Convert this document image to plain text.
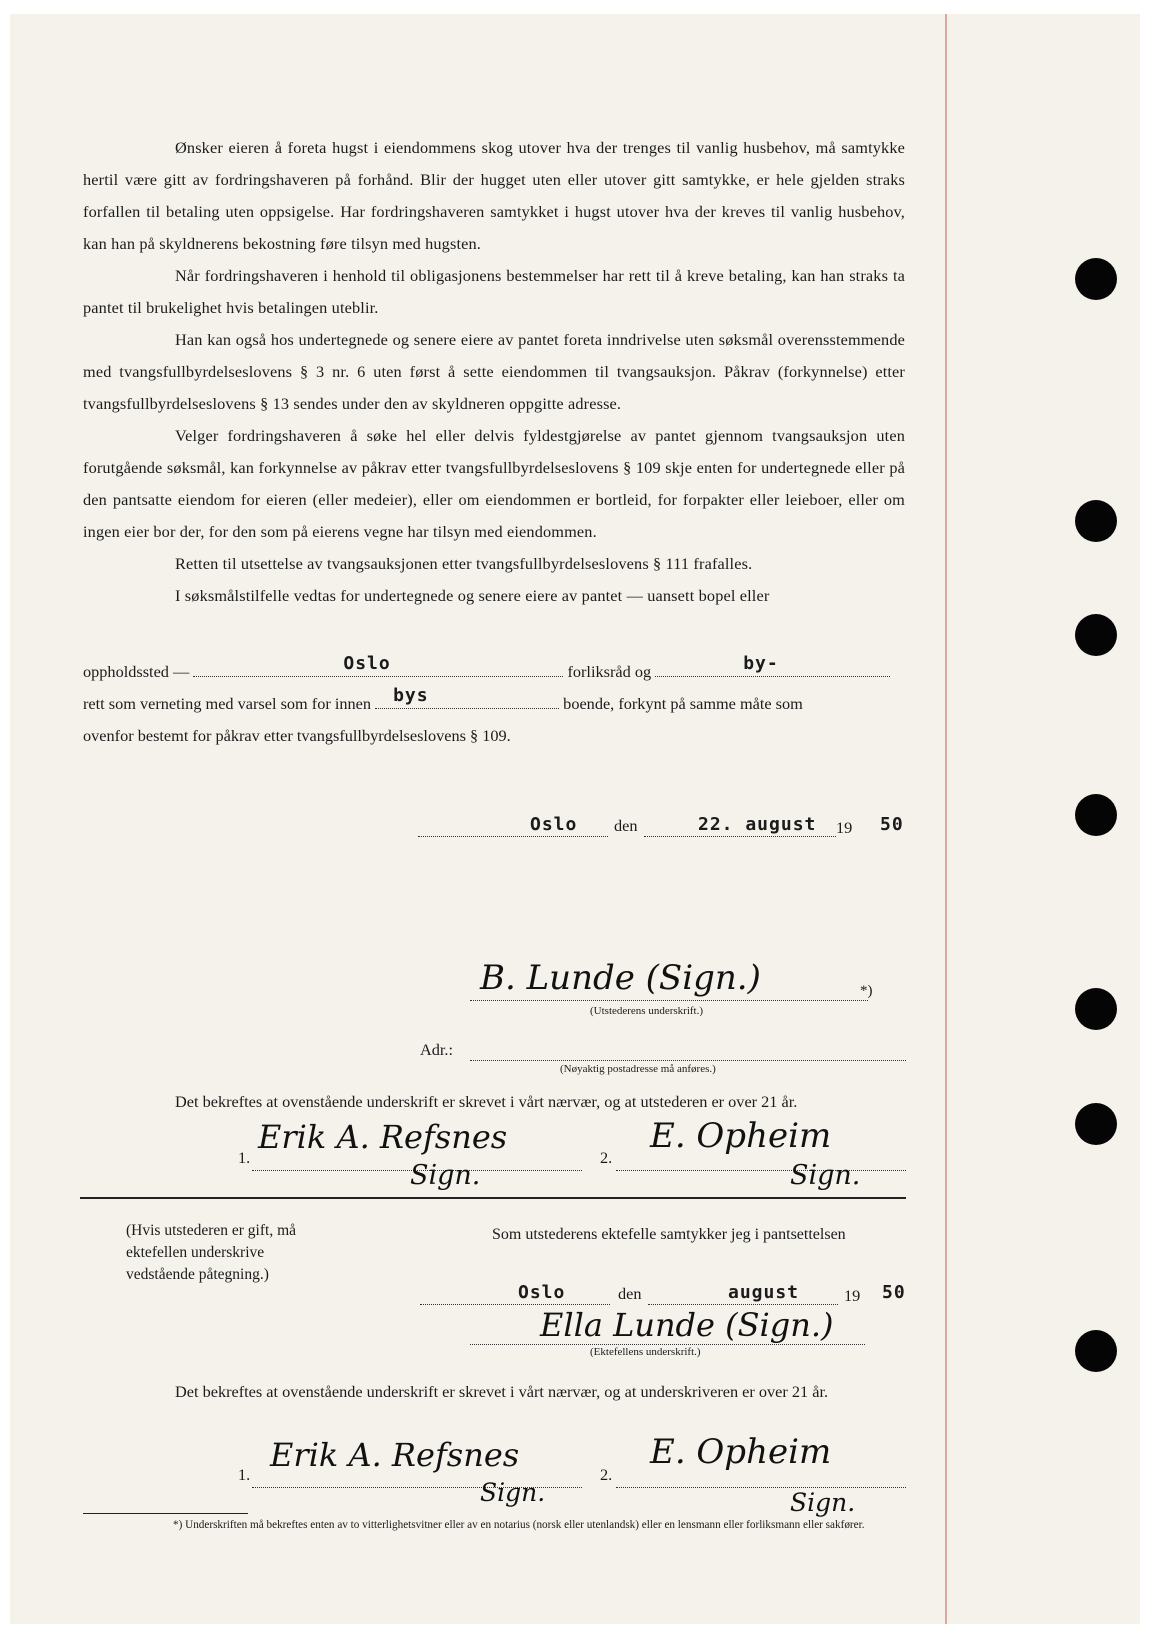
Ønsker eieren å foreta hugst i eiendommens skog utover hva der trenges til vanlig husbehov, må samtykke hertil være gitt av fordringshaveren på forhånd. Blir der hugget uten eller utover gitt samtykke, er hele gjelden straks forfallen til betaling uten oppsigelse. Har fordringshaveren samtykket i hugst utover hva der kreves til vanlig husbehov, kan han på skyldnerens bekostning føre tilsyn med hugsten.

Når fordringshaveren i henhold til obligasjonens bestemmelser har rett til å kreve betaling, kan han straks ta pantet til brukelighet hvis betalingen uteblir.

Han kan også hos undertegnede og senere eiere av pantet foreta inndrivelse uten søksmål overensstemmende med tvangsfullbyrdelseslovens § 3 nr. 6 uten først å sette eiendommen til tvangsauksjon. Påkrav (forkynnelse) etter tvangsfullbyrdelseslovens § 13 sendes under den av skyldneren oppgitte adresse.

Velger fordringshaveren å søke hel eller delvis fyldestgjørelse av pantet gjennom tvangsauksjon uten forutgående søksmål, kan forkynnelse av påkrav etter tvangsfullbyrdelseslovens § 109 skje enten for undertegnede eller på den pantsatte eiendom for eieren (eller medeier), eller om eiendommen er bortleid, for forpakter eller leieboer, eller om ingen eier bor der, for den som på eierens vegne har tilsyn med eiendommen.

Retten til utsettelse av tvangsauksjonen etter tvangsfullbyrdelseslovens § 111 frafalles.

I søksmålstilfelle vedtas for undertegnede og senere eiere av pantet — uansett bopel eller

oppholdssted —	Oslo	forliksråd og	by-
rett som verneting med varsel som for innen bys	boende, forkynt på samme måte som
ovenfor bestemt for påkrav etter tvangsfullbyrdelseslovens § 109.
Oslo den	22. august 19 50
B. Lunde (Sign.)	*)
(Utstederens underskrift.)
Adr.:
(Nøyaktig postadresse må anføres.)
Det bekreftes at ovenstående underskrift er skrevet i vårt nærvær, og at utstederen er over 21 år.
1.
Erik A. Refsnes
Sign.
2.
E. Opheim
Sign.
(Hvis utstederen er gift, må ektefellen underskrive vedstående påtegning.)
Som utstederens ektefelle samtykker jeg i pantsettelsen
Oslo	den	august	19 50
Ella Lunde (Sign.)
(Ektefellens underskrift.)
Det bekreftes at ovenstående underskrift er skrevet i vårt nærvær, og at underskriveren er over 21 år.
1.
Erik A. Refsnes
Sign.
2.
E. Opheim
Sign.
*) Underskriften må bekreftes enten av to vitterlighetsvitner eller av en notarius (norsk eller utenlandsk) eller en lensmann eller forliksmann eller sakfører.
